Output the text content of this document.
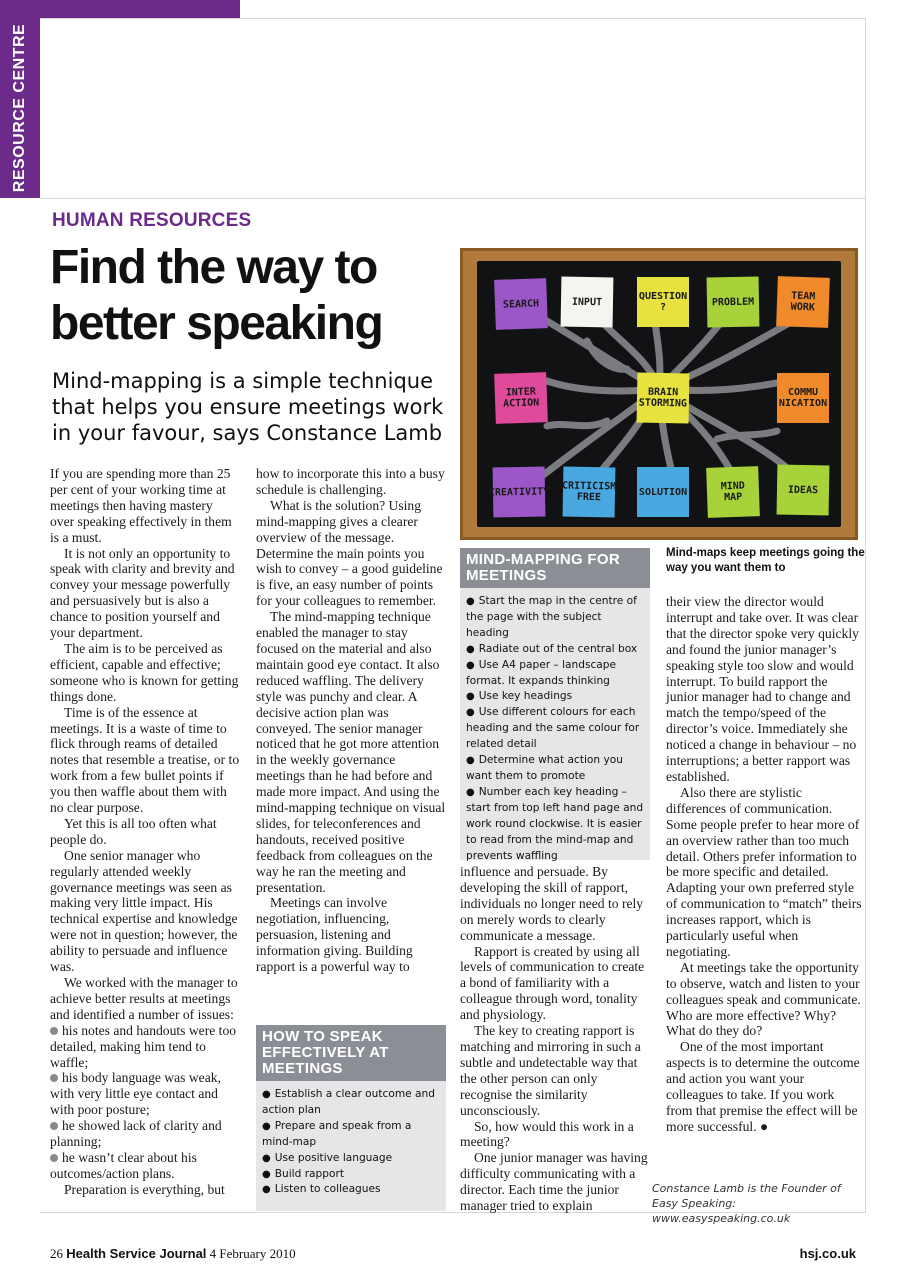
RESOURCE CENTRE
HUMAN RESOURCES
Find the way to better speaking
Mind-mapping is a simple technique that helps you ensure meetings work in your favour, says Constance Lamb

If you are spending more than 25 per cent of your working time at meetings then having mastery over speaking effectively in them is a must.

It is not only an opportunity to speak with clarity and brevity and convey your message powerfully and persuasively but is also a chance to position yourself and your department.

The aim is to be perceived as efficient, capable and effective; someone who is known for getting things done.

Time is of the essence at meetings. It is a waste of time to flick through reams of detailed notes that resemble a treatise, or to work from a few bullet points if you then waffle about them with no clear purpose.

Yet this is all too often what people do.

One senior manager who regularly attended weekly governance meetings was seen as making very little impact. His technical expertise and knowledge were not in question; however, the ability to persuade and influence was.

We worked with the manager to achieve better results at meetings and identified a number of issues:

his notes and handouts were too detailed, making him tend to waffle;

his body language was weak, with very little eye contact and with poor posture;

he showed lack of clarity and planning;

he wasn’t clear about his outcomes/action plans.

Preparation is everything, but

how to incorporate this into a busy schedule is challenging.

What is the solution? Using mind-mapping gives a clearer overview of the message. Determine the main points you wish to convey – a good guideline is five, an easy number of points for your colleagues to remember.

The mind-mapping technique enabled the manager to stay focused on the material and also maintain good eye contact. It also reduced waffling. The delivery style was punchy and clear. A decisive action plan was conveyed. The senior manager noticed that he got more attention in the weekly governance meetings than he had before and made more impact. And using the mind-mapping technique on visual slides, for teleconferences and handouts, received positive feedback from colleagues on the way he ran the meeting and presentation.

Meetings can involve negotiation, influencing, persuasion, listening and information giving. Building rapport is a powerful way to

HOW TO SPEAK EFFECTIVELY AT MEETINGS
● Establish a clear outcome and action plan
● Prepare and speak from a mind-map
● Use positive language
● Build rapport
● Listen to colleagues
SEARCH	INPUT	QUESTION ?	PROBLEM	TEAM WORK
INTER ACTION
BRAIN STORMING
COMMU NICATION
CREATIVITY CRITICISM FREE	SOLUTION	MIND MAP
IDEAS
Mind-maps keep meetings going the way you want them to
MIND-MAPPING FOR MEETINGS
● Start the map in the centre of the page with the subject heading
● Radiate out of the central box
● Use A4 paper – landscape format. It expands thinking
● Use key headings
● Use different colours for each heading and the same colour for related detail
● Determine what action you want them to promote
● Number each key heading – start from top left hand page and work round clockwise. It is easier to read from the mind-map and prevents waffling

influence and persuade. By developing the skill of rapport, individuals no longer need to rely on merely words to clearly communicate a message.

Rapport is created by using all levels of communication to create a bond of familiarity with a colleague through word, tonality and physiology.

The key to creating rapport is matching and mirroring in such a subtle and undetectable way that the other person can only recognise the similarity unconsciously.

So, how would this work in a meeting?

One junior manager was having difficulty communicating with a director. Each time the junior manager tried to explain

their view the director would interrupt and take over. It was clear that the director spoke very quickly and found the junior manager’s speaking style too slow and would interrupt. To build rapport the junior manager had to change and match the tempo/speed of the director’s voice. Immediately she noticed a change in behaviour – no interruptions; a better rapport was established.

Also there are stylistic differences of communication. Some people prefer to hear more of an overview rather than too much detail. Others prefer information to be more specific and detailed. Adapting your own preferred style of communication to “match” theirs increases rapport, which is particularly useful when negotiating.

At meetings take the opportunity to observe, watch and listen to your colleagues speak and communicate. Who are more effective? Why? What do they do?

One of the most important aspects is to determine the outcome and action you want your colleagues to take. If you work from that premise the effect will be more successful. ●

Constance Lamb is the Founder of Easy Speaking: www.easyspeaking.co.uk
26 Health Service Journal 4 February 2010	hsj.co.uk
